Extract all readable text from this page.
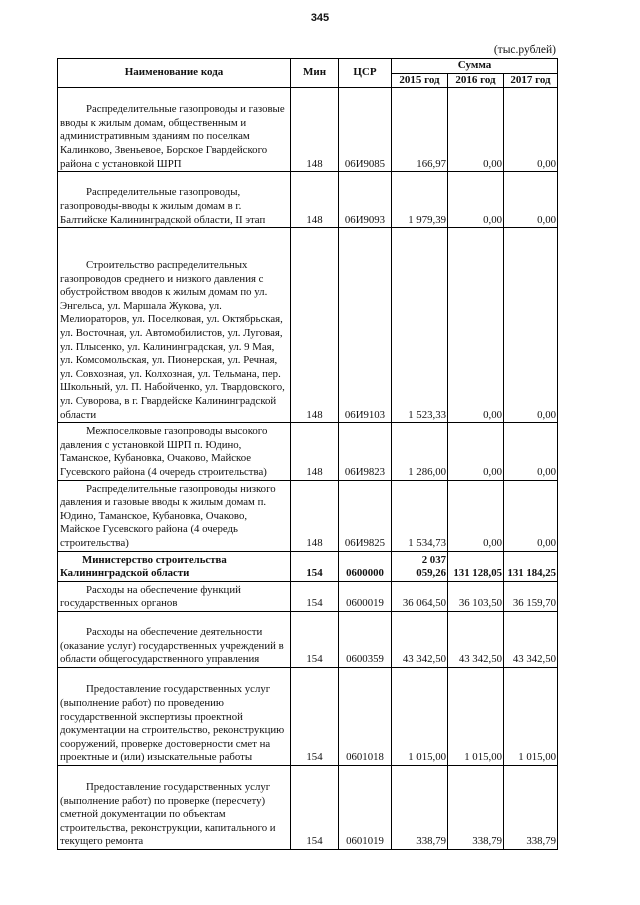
345
(тыс.рублей)
Наименование кода	Мин	ЦСР	Сумма		
			2015 год	2016 год	2017 год

Распределительные газопроводы и газовые вводы к жилым домам, общественным и административным зданиям по поселкам Калинково, Звеньевое, Борское Гвардейского района с установкой ШРП	148	06И9085	166,97	0,00	0,00

Распределительные газопроводы, газопроводы-вводы к жилым домам в г. Балтийске Калининградской области, II этап	148	06И9093	1 979,39	0,00	0,00

Строительство распределительных газопроводов среднего и низкого давления с обустройством вводов к жилым домам по ул. Энгельса, ул. Маршала Жукова, ул. Мелиораторов, ул. Поселковая, ул. Октябрьская, ул. Восточная, ул. Автомобилистов, ул. Луговая, ул. Плысенко, ул. Калининградская, ул. 9 Мая, ул. Комсомольская, ул. Пионерская, ул. Речная, ул. Совхозная, ул. Колхозная, ул. Тельмана, пер. Школьный, ул. П. Набойченко, ул. Твардовского, ул. Суворова, в г. Гвардейске Калининградской области	148	06И9103	1 523,33	0,00	0,00

Межпоселковые газопроводы высокого давления с установкой ШРП п. Юдино, Таманское, Кубановка, Очаково, Майское Гусевского района (4 очередь строительства)	148	06И9823	1 286,00	0,00	0,00

Распределительные газопроводы низкого давления и газовые вводы к жилым домам п. Юдино, Таманское, Кубановка, Очаково, Майское Гусевского района (4 очередь строительства)	148	06И9825	1 534,73	0,00	0,00

Министерство строительства Калининградской области	154	0600000	2 037 059,26	131 128,05	131 184,25

Расходы на обеспечение функций государственных органов	154	0600019	36 064,50	36 103,50	36 159,70

Расходы на обеспечение деятельности (оказание услуг) государственных учреждений в области общегосударственного управления	154	0600359	43 342,50	43 342,50	43 342,50

Предоставление государственных услуг (выполнение работ) по проведению государственной экспертизы проектной документации на строительство, реконструкцию сооружений, проверке достоверности смет на проектные и (или) изыскательные работы	154	0601018	1 015,00	1 015,00	1 015,00

Предоставление государственных услуг (выполнение работ) по проверке (пересчету) сметной документации по объектам строительства, реконструкции, капитального и текущего ремонта	154	0601019	338,79	338,79	338,79
